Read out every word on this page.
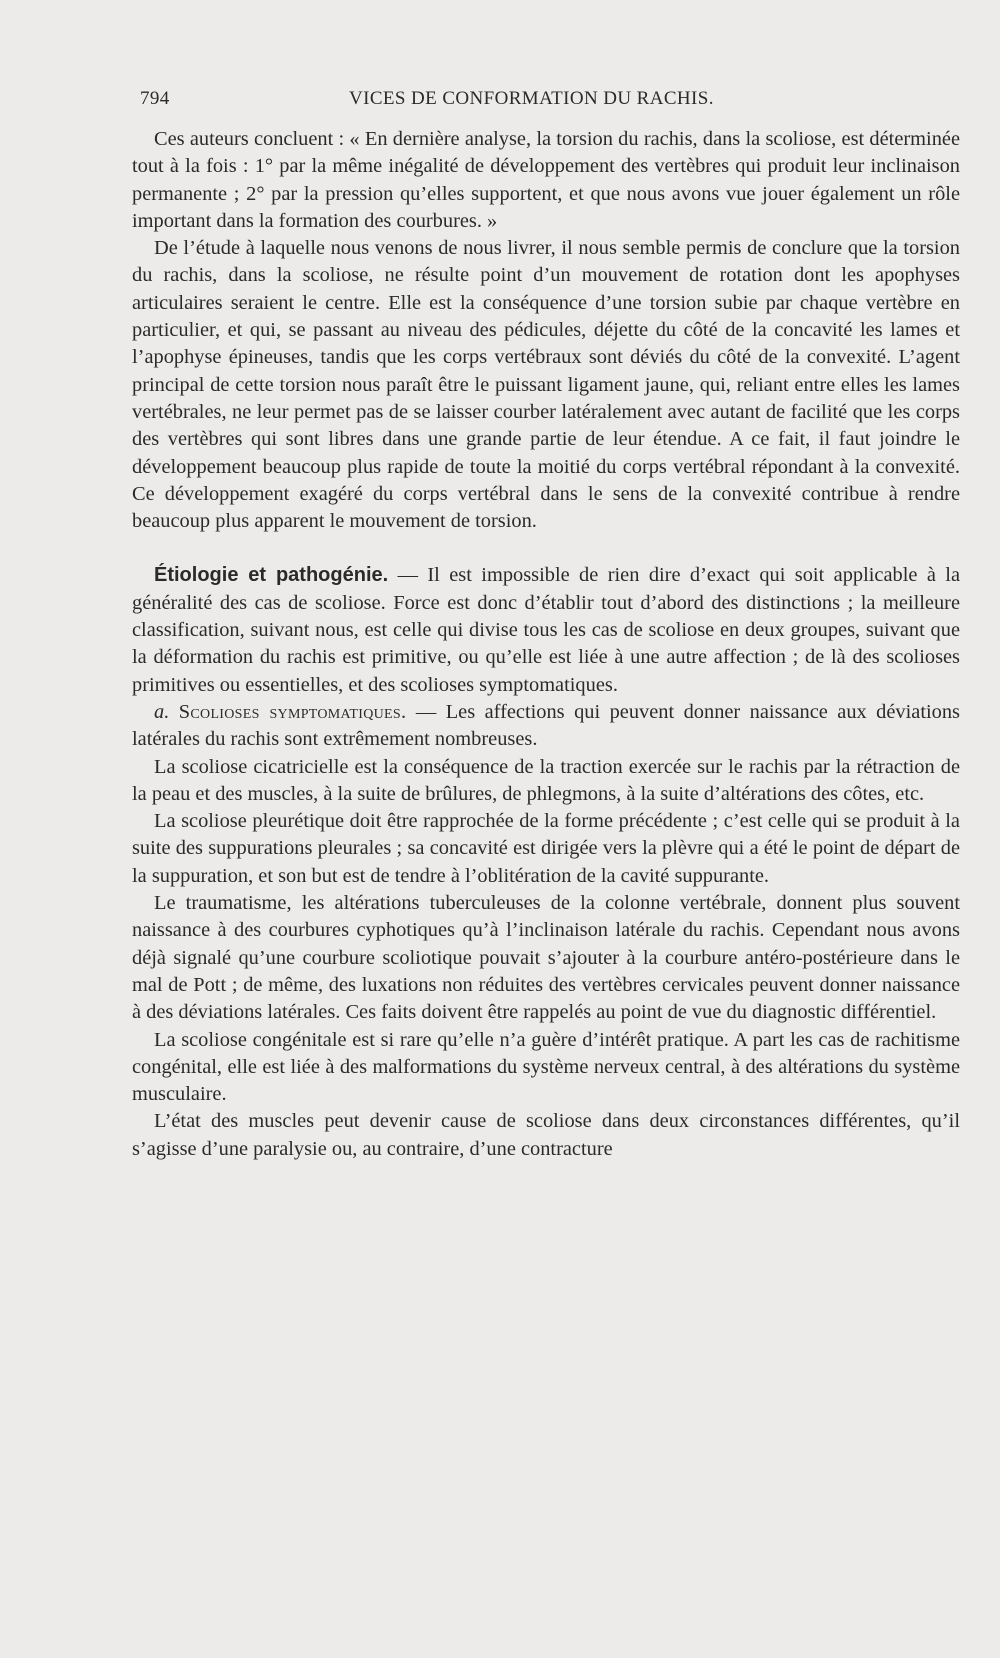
794	VICES DE CONFORMATION DU RACHIS.

Ces auteurs concluent : « En dernière analyse, la torsion du rachis, dans la scoliose, est déterminée tout à la fois : 1° par la même inégalité de développement des vertèbres qui produit leur inclinaison permanente ; 2° par la pression qu’elles supportent, et que nous avons vue jouer également un rôle important dans la formation des courbures. »

De l’étude à laquelle nous venons de nous livrer, il nous semble permis de conclure que la torsion du rachis, dans la scoliose, ne résulte point d’un mouvement de rotation dont les apophyses articulaires seraient le centre. Elle est la conséquence d’une torsion subie par chaque vertèbre en particulier, et qui, se passant au niveau des pédicules, déjette du côté de la concavité les lames et l’apophyse épineuses, tandis que les corps vertébraux sont déviés du côté de la convexité. L’agent principal de cette torsion nous paraît être le puissant ligament jaune, qui, reliant entre elles les lames vertébrales, ne leur permet pas de se laisser courber latéralement avec autant de facilité que les corps des vertèbres qui sont libres dans une grande partie de leur étendue. A ce fait, il faut joindre le développement beaucoup plus rapide de toute la moitié du corps vertébral répondant à la convexité. Ce développement exagéré du corps vertébral dans le sens de la convexité contribue à rendre beaucoup plus apparent le mouvement de torsion.

Étiologie et pathogénie. — Il est impossible de rien dire d’exact qui soit applicable à la généralité des cas de scoliose. Force est donc d’établir tout d’abord des distinctions ; la meilleure classification, suivant nous, est celle qui divise tous les cas de scoliose en deux groupes, suivant que la déformation du rachis est primitive, ou qu’elle est liée à une autre affection ; de là des scolioses primitives ou essentielles, et des scolioses symptomatiques.

a. Scolioses symptomatiques. — Les affections qui peuvent donner naissance aux déviations latérales du rachis sont extrêmement nombreuses.

La scoliose cicatricielle est la conséquence de la traction exercée sur le rachis par la rétraction de la peau et des muscles, à la suite de brûlures, de phlegmons, à la suite d’altérations des côtes, etc.

La scoliose pleurétique doit être rapprochée de la forme précédente ; c’est celle qui se produit à la suite des suppurations pleurales ; sa concavité est dirigée vers la plèvre qui a été le point de départ de la suppuration, et son but est de tendre à l’oblitération de la cavité suppurante.

Le traumatisme, les altérations tuberculeuses de la colonne vertébrale, donnent plus souvent naissance à des courbures cyphotiques qu’à l’inclinaison latérale du rachis. Cependant nous avons déjà signalé qu’une courbure scoliotique pouvait s’ajouter à la courbure antéro-postérieure dans le mal de Pott ; de même, des luxations non réduites des vertèbres cervicales peuvent donner naissance à des déviations latérales. Ces faits doivent être rappelés au point de vue du diagnostic différentiel.

La scoliose congénitale est si rare qu’elle n’a guère d’intérêt pratique. A part les cas de rachitisme congénital, elle est liée à des malformations du système nerveux central, à des altérations du système musculaire.

L’état des muscles peut devenir cause de scoliose dans deux circonstances différentes, qu’il s’agisse d’une paralysie ou, au contraire, d’une contracture
